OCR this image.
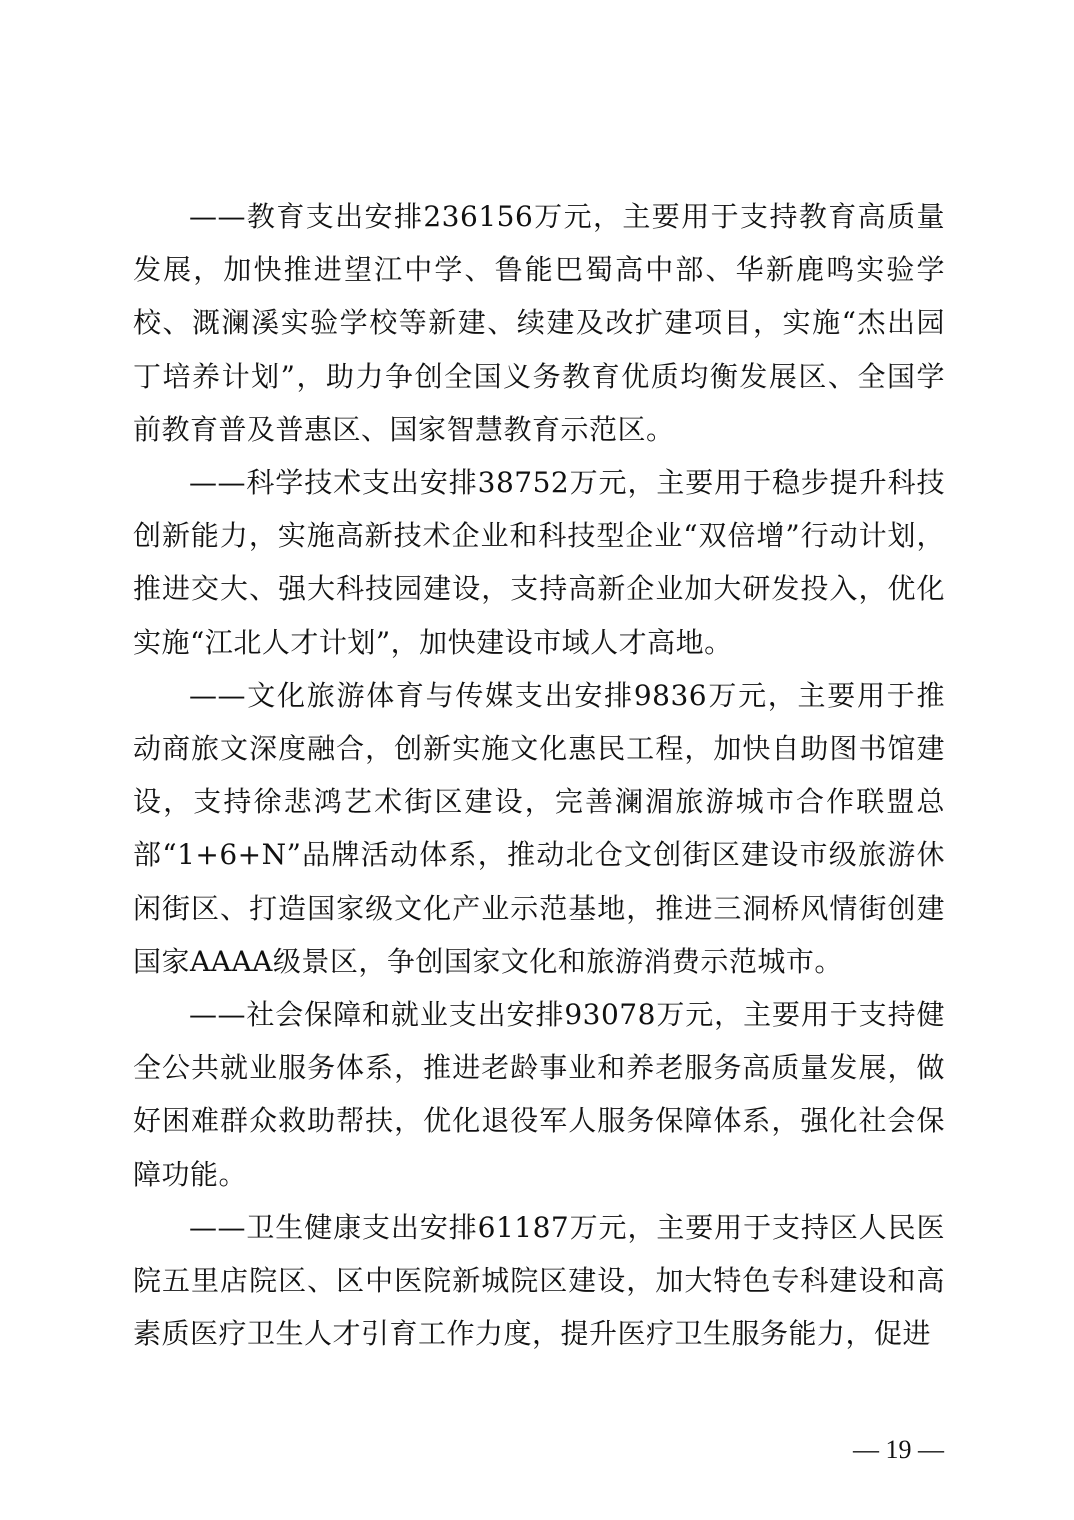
——教育支出安排236156万元，主要用于支持教育高质量发展，加快推进望江中学、鲁能巴蜀高中部、华新鹿鸣实验学校、溉澜溪实验学校等新建、续建及改扩建项目，实施“杰出园丁培养计划”，助力争创全国义务教育优质均衡发展区、全国学前教育普及普惠区、国家智慧教育示范区。

——科学技术支出安排38752万元，主要用于稳步提升科技创新能力，实施高新技术企业和科技型企业“双倍增”行动计划，推进交大、强大科技园建设，支持高新企业加大研发投入，优化实施“江北人才计划”，加快建设市域人才高地。

——文化旅游体育与传媒支出安排9836万元，主要用于推动商旅文深度融合，创新实施文化惠民工程，加快自助图书馆建设，支持徐悲鸿艺术街区建设，完善澜湄旅游城市合作联盟总部“1+6+N”品牌活动体系，推动北仓文创街区建设市级旅游休闲街区、打造国家级文化产业示范基地，推进三洞桥风情街创建国家AAAA级景区，争创国家文化和旅游消费示范城市。

——社会保障和就业支出安排93078万元，主要用于支持健全公共就业服务体系，推进老龄事业和养老服务高质量发展，做好困难群众救助帮扶，优化退役军人服务保障体系，强化社会保障功能。

——卫生健康支出安排61187万元，主要用于支持区人民医院五里店院区、区中医院新城院区建设，加大特色专科建设和高素质医疗卫生人才引育工作力度，提升医疗卫生服务能力，促进

— 19 —
